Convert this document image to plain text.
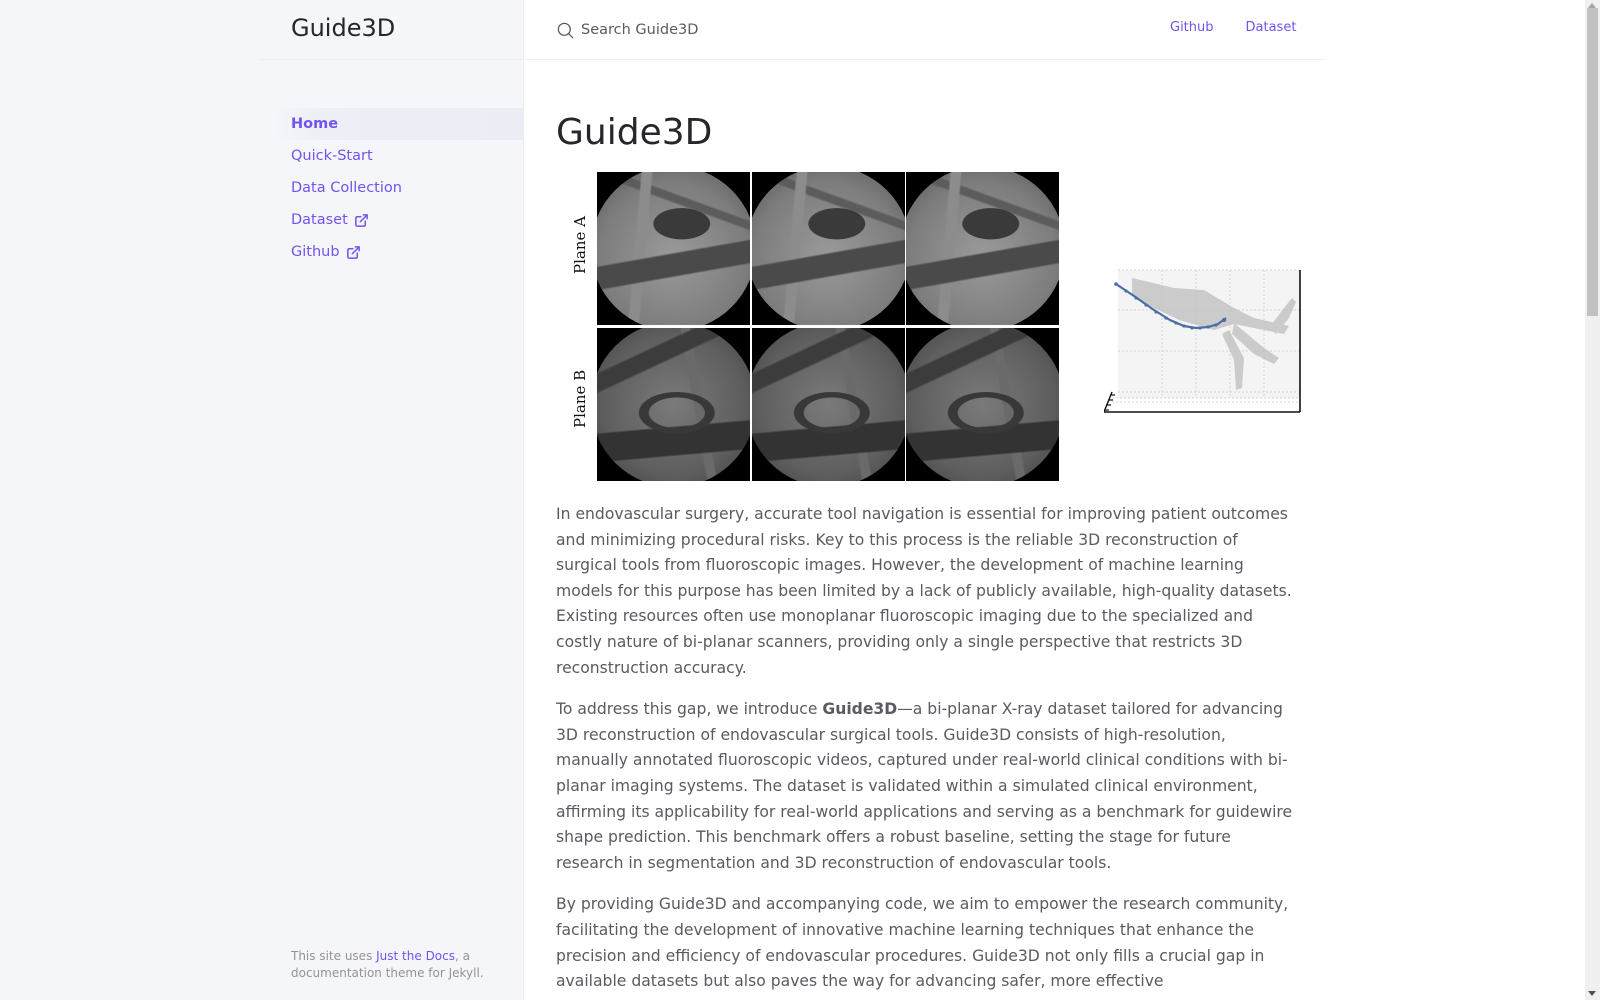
Guide3D
Search Guide3D	Github Dataset
Home
Quick-Start
Data Collection
Dataset
Github
This site uses Just the Docs, a documentation theme for Jekyll.
Guide3D
Plane A
Plane B

In endovascular surgery, accurate tool navigation is essential for improving patient outcomes and minimizing procedural risks. Key to this process is the reliable 3D reconstruction of surgical tools from fluoroscopic images. However, the development of machine learning models for this purpose has been limited by a lack of publicly available, high-quality datasets. Existing resources often use monoplanar fluoroscopic imaging due to the specialized and costly nature of bi-planar scanners, providing only a single perspective that restricts 3D reconstruction accuracy.

To address this gap, we introduce Guide3D—a bi-planar X-ray dataset tailored for advancing 3D reconstruction of endovascular surgical tools. Guide3D consists of high-resolution, manually annotated fluoroscopic videos, captured under real-world clinical conditions with bi-planar imaging systems. The dataset is validated within a simulated clinical environment, affirming its applicability for real-world applications and serving as a benchmark for guidewire shape prediction. This benchmark offers a robust baseline, setting the stage for future research in segmentation and 3D reconstruction of endovascular tools.

By providing Guide3D and accompanying code, we aim to empower the research community, facilitating the development of innovative machine learning techniques that enhance the precision and efficiency of endovascular procedures. Guide3D not only fills a crucial gap in available datasets but also paves the way for advancing safer, more effective
